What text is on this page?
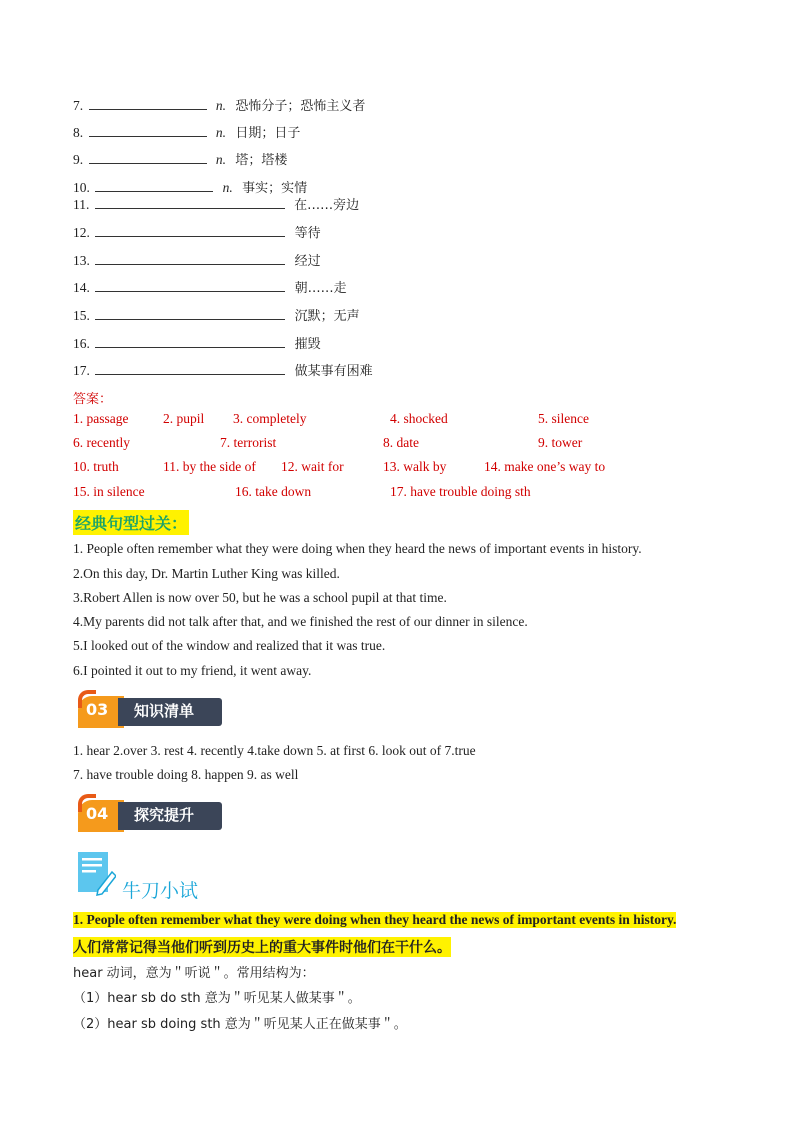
7.	n. 恐怖分子；恐怖主义者
8.	n. 日期；日子
9.	n. 塔；塔楼
10.	n. 事实；实情
11.	在……旁边
12.	等待
13.	经过
14.	朝……走
15.	沉默；无声
16.	摧毁
17.	做某事有困难
答案：
1. passage	2. pupil 3. completely	4. shocked	5. silence
6. recently	7. terrorist	8. date	9. tower
10. truth	11. by the side of 12. wait for	13. walk by	14. make one’s way to
15. in silence	16. take down	17. have trouble doing sth
经典句型过关：
1. People often remember what they were doing when they heard the news of important events in history.
2.On this day, Dr. Martin Luther King was killed.
3.Robert Allen is now over 50, but he was a school pupil at that time.
4.My parents did not talk after that, and we finished the rest of our dinner in silence.
5.I looked out of the window and realized that it was true.
6.I pointed it out to my friend, it went away.
03 知识清单
1. hear 2.over 3. rest 4. recently 4.take down 5. at first 6. look out of 7.true
7. have trouble doing 8. happen 9. as well
04 探究提升
牛刀小试
1. People often remember what they were doing when they heard the news of important events in history.
人们常常记得当他们听到历史上的重大事件时他们在干什么。
hear 动词，意为＂听说＂。常用结构为：
（1）hear sb do sth 意为＂听见某人做某事＂。
（2）hear sb doing sth 意为＂听见某人正在做某事＂。
